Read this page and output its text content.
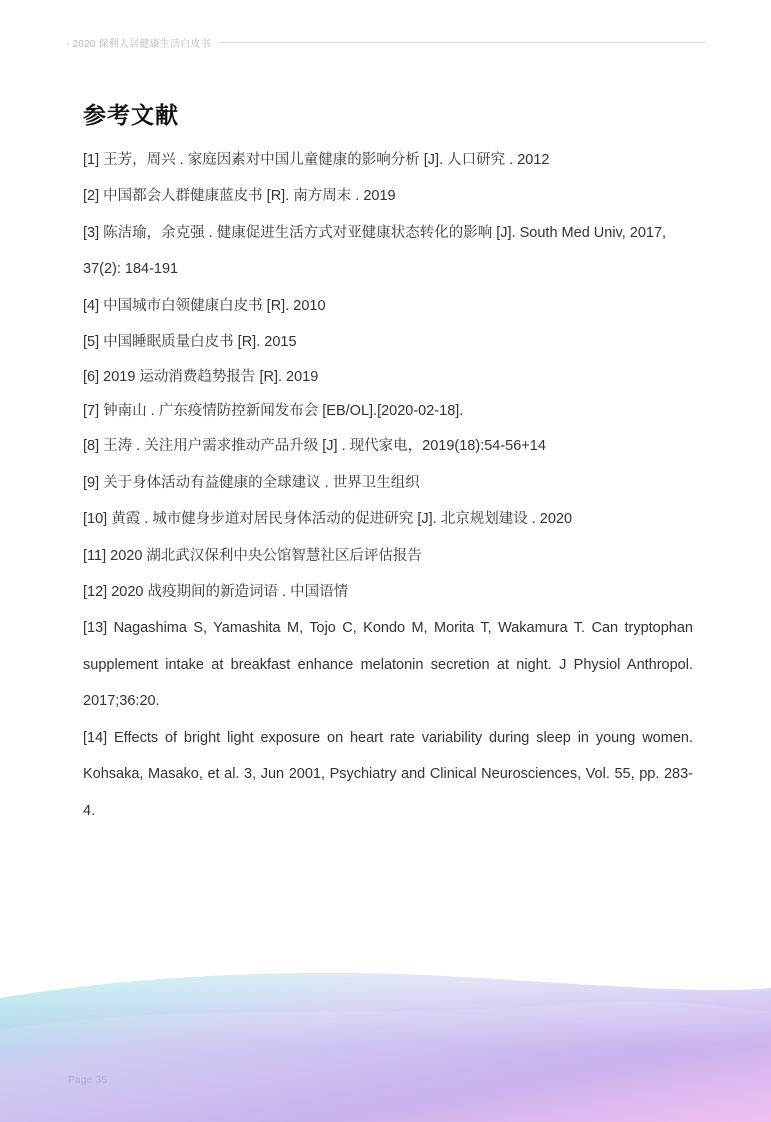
- 2020 保利人居健康生活白皮书
参考文献
[1] 王芳，周兴 . 家庭因素对中国儿童健康的影响分析 [J]. 人口研究 . 2012
[2] 中国都会人群健康蓝皮书 [R]. 南方周末 . 2019
[3] 陈洁瑜，余克强 . 健康促进生活方式对亚健康状态转化的影响 [J]. South Med Univ, 2017, 37(2): 184-191
[4] 中国城市白领健康白皮书 [R]. 2010
[5] 中国睡眠质量白皮书 [R]. 2015
[6] 2019 运动消费趋势报告 [R]. 2019
[7] 钟南山 . 广东疫情防控新闻发布会 [EB/OL].[2020-02-18].
[8] 王涛 . 关注用户需求推动产品升级 [J] . 现代家电，2019(18):54-56+14
[9] 关于身体活动有益健康的全球建议 . 世界卫生组织
[10] 黄霞 . 城市健身步道对居民身体活动的促进研究 [J]. 北京规划建设 . 2020
[11] 2020 湖北武汉保利中央公馆智慧社区后评估报告
[12] 2020 战疫期间的新造词语 . 中国语情
[13] Nagashima S, Yamashita M, Tojo C, Kondo M, Morita T, Wakamura T. Can tryptophan supplement intake at breakfast enhance melatonin secretion at night. J Physiol Anthropol. 2017;36:20.
[14] Effects of bright light exposure on heart rate variability during sleep in young women. Kohsaka, Masako, et al. 3, Jun 2001, Psychiatry and Clinical Neurosciences, Vol. 55, pp. 283-4.
Page 35
